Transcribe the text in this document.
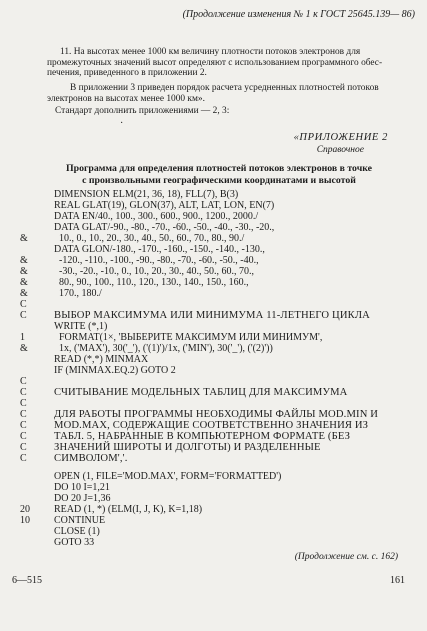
(Продолжение изменения № 1 к ГОСТ 25645.139— 86)
11. На высотах менее 1000 км величину плотности потоков электронов для
промежуточных значений высот определяют с использованием программного обес-
печения, приведенного в приложении 2.
В приложении 3 приведен порядок расчета усредненных плотностей потоков
электронов на высотах менее 1000 км».
Стандарт дополнить приложениями — 2, 3:
·
«ПРИЛОЖЕНИЕ 2
Справочное
Программа для определения плотностей потоков электронов в точке с произвольными географическими координатами и высотой
DIMENSION ELM(21, 36, 18), FLL(7), B(3)
REAL GLAT(19), GLON(37), ALT, LAT, LON, EN(7)
DATA EN/40., 100., 300., 600., 900., 1200., 2000./
DATA GLAT/-90., -80., -70., -60., -50., -40., -30., -20.,
&	10., 0., 10., 20., 30., 40., 50., 60., 70., 80., 90./
DATA GLON/-180., -170., -160., -150., -140., -130.,
&	-120., -110., -100., -90., -80., -70., -60., -50., -40.,
&	-30., -20., -10., 0., 10., 20., 30., 40., 50., 60., 70.,
&	80., 90., 100., 110., 120., 130., 140., 150., 160.,
&	170., 180./
C
C	ВЫБОР МАКСИМУМА ИЛИ МИНИМУМА 11-ЛЕТНЕГО ЦИКЛА
WRITE (*,1)
1	FORMAT(1×, 'ВЫБЕРИТЕ МАКСИМУМ ИЛИ МИНИМУМ',
&	1x, ('MAX'), 30('_'), ('(1)')/1x, ('MIN'), 30('_'), ('(2)'))
READ (*,*) MINMAX
IF (MINMAX.EQ.2) GOTO 2
C
C	СЧИТЫВАНИЕ МОДЕЛЬНЫХ ТАБЛИЦ ДЛЯ МАКСИМУМА
C
C	ДЛЯ РАБОТЫ ПРОГРАММЫ НЕОБХОДИМЫ ФАЙЛЫ MOD.MIN И
C	MOD.MAX, СОДЕРЖАЩИЕ СООТВЕТСТВЕННО ЗНАЧЕНИЯ ИЗ
C	ТАБЛ. 5, НАБРАННЫЕ В КОМПЬЮТЕРНОМ ФОРМАТЕ (БЕЗ
C	ЗНАЧЕНИЙ ШИРОТЫ И ДОЛГОТЫ) И РАЗДЕЛЕННЫЕ
C	СИМВОЛОМ','.
OPEN (1, FILE='MOD.MAX', FORM='FORMATTED')
DO 10 I=1,21
DO 20 J=1,36
20	READ (1, *) (ELM(I, J, K), K=1,18)
10	CONTINUE
CLOSE (1)
GOTO 33
(Продолжение см. с. 162)
6—515	161
